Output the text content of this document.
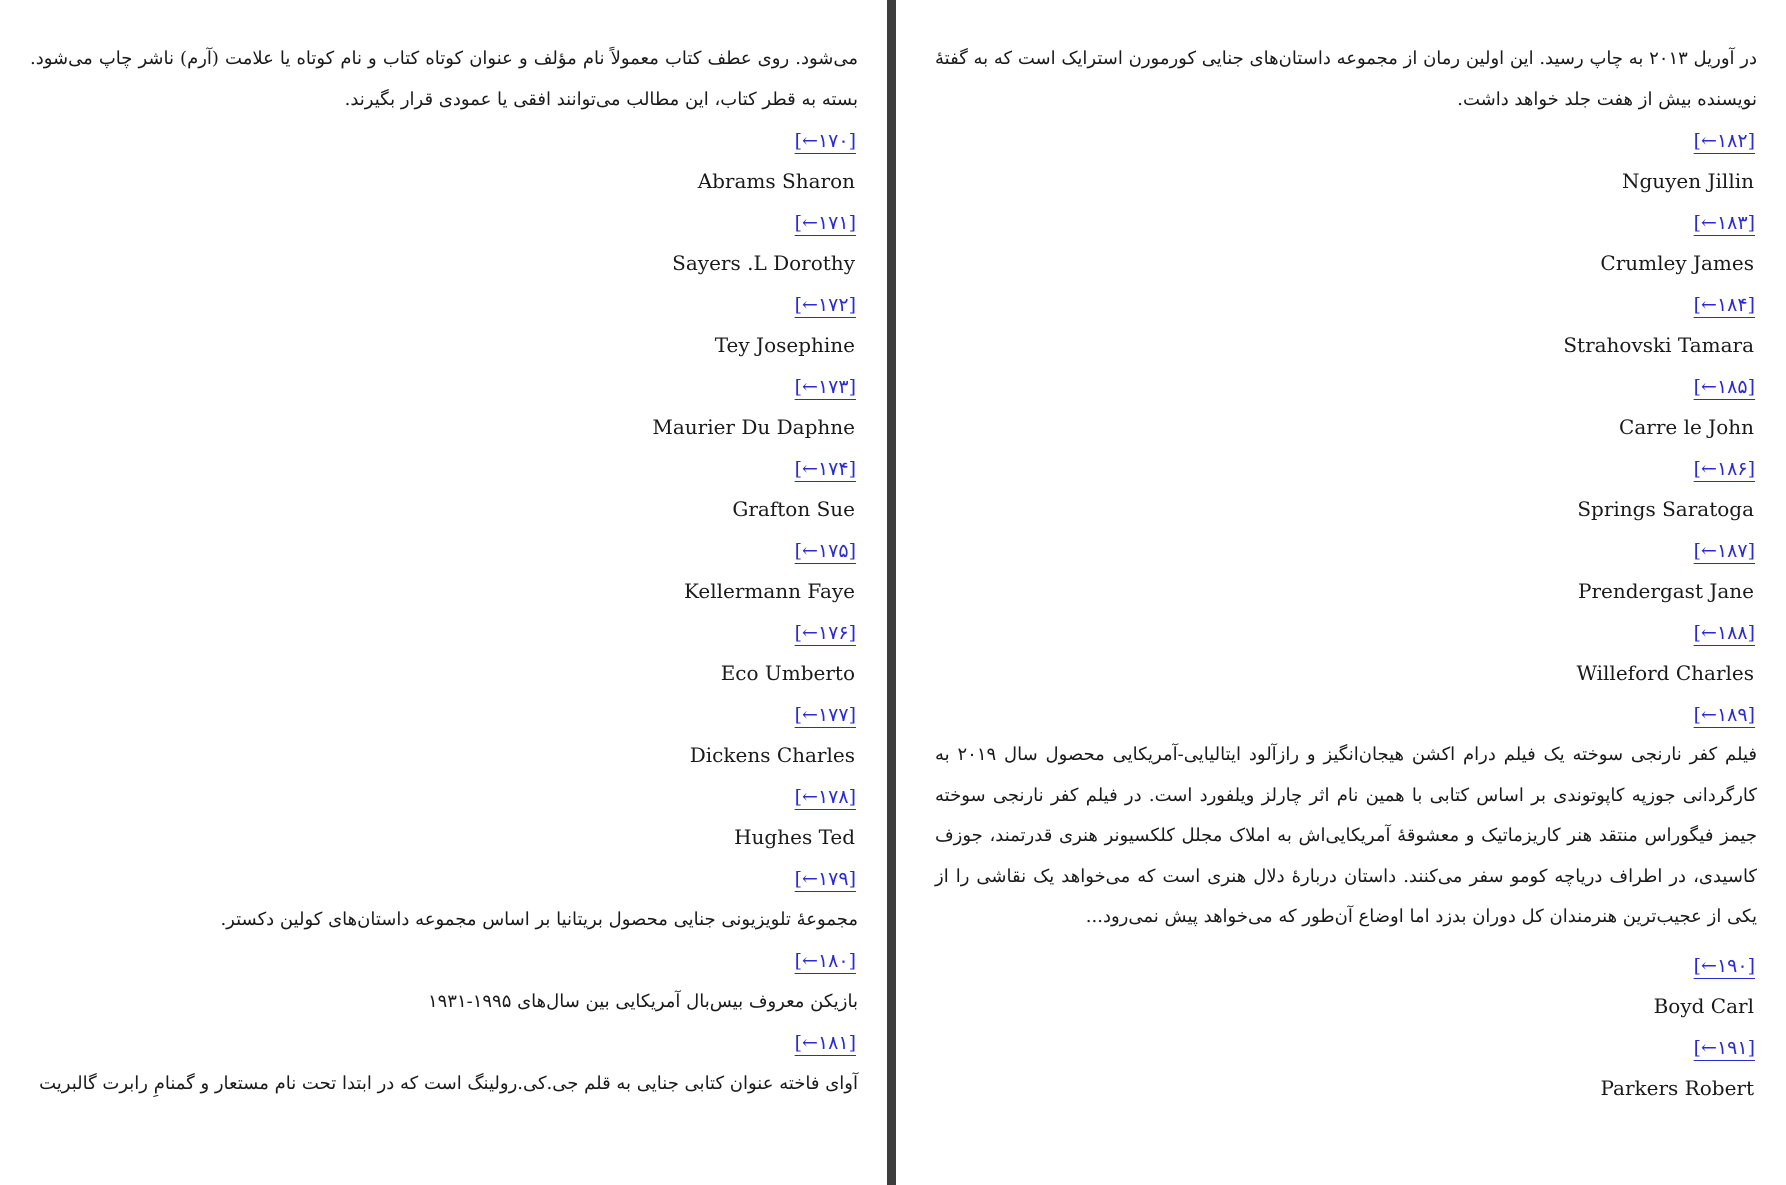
می‌شود. روی عطف کتاب معمولاً نام مؤلف و عنوان کوتاه کتاب و نام کوتاه یا علامت (آرم) ناشر چاپ می‌شود. بسته به قطر کتاب، این مطالب می‌توانند افقی یا عمودی قرار بگیرند.

[←۱۷۰]
Abrams Sharon
[←۱۷۱]
Sayers .L Dorothy
[←۱۷۲]
Tey Josephine
[←۱۷۳]
Maurier Du Daphne
[←۱۷۴]
Grafton Sue
[←۱۷۵]
Kellermann Faye
[←۱۷۶]
Eco Umberto
[←۱۷۷]
Dickens Charles
[←۱۷۸]
Hughes Ted
[←۱۷۹]

مجموعهٔ تلویزیونی جنایی محصول بریتانیا بر اساس مجموعه داستان‌های کولین دکستر.

[←۱۸۰]

بازیکن معروف بیس‌بال آمریکایی بین سال‌های ۱۹۹۵-۱۹۳۱

[←۱۸۱]

آوای فاخته عنوان کتابی جنایی به قلم جی.کی.رولینگ است که در ابتدا تحت نام مستعار و گمنامِ رابرت گالبریت

در آوریل ۲۰۱۳ به چاپ رسید. این اولین رمان از مجموعه داستان‌های جنایی کورمورن استرایک است که به گفتهٔ نویسنده بیش از هفت جلد خواهد داشت.

[←۱۸۲]
Nguyen Jillin
[←۱۸۳]
Crumley James
[←۱۸۴]
Strahovski Tamara
[←۱۸۵]
Carre le John
[←۱۸۶]
Springs Saratoga
[←۱۸۷]
Prendergast Jane
[←۱۸۸]
Willeford Charles
[←۱۸۹]

فیلم کفر نارنجی سوخته یک فیلم درام اکشن هیجان‌انگیز و رازآلود ایتالیایی-آمریکایی محصول سال ۲۰۱۹ به کارگردانی جوزپه کاپوتوندی بر اساس کتابی با همین نام اثر چارلز ویلفورد است. در فیلم کفر نارنجی سوخته جیمز فیگوراس منتقد هنر کاریزماتیک و معشوقهٔ آمریکایی‌اش به املاک مجلل کلکسیونر هنری قدرتمند، جوزف کاسیدی، در اطراف دریاچه کومو سفر می‌کنند. داستان دربارهٔ دلال هنری است که می‌خواهد یک نقاشی را از یکی از عجیب‌ترین هنرمندان کل دوران بدزد اما اوضاع آن‌طور که می‌خواهد پیش نمی‌رود...

[←۱۹۰]
Boyd Carl
[←۱۹۱]
Parkers Robert
